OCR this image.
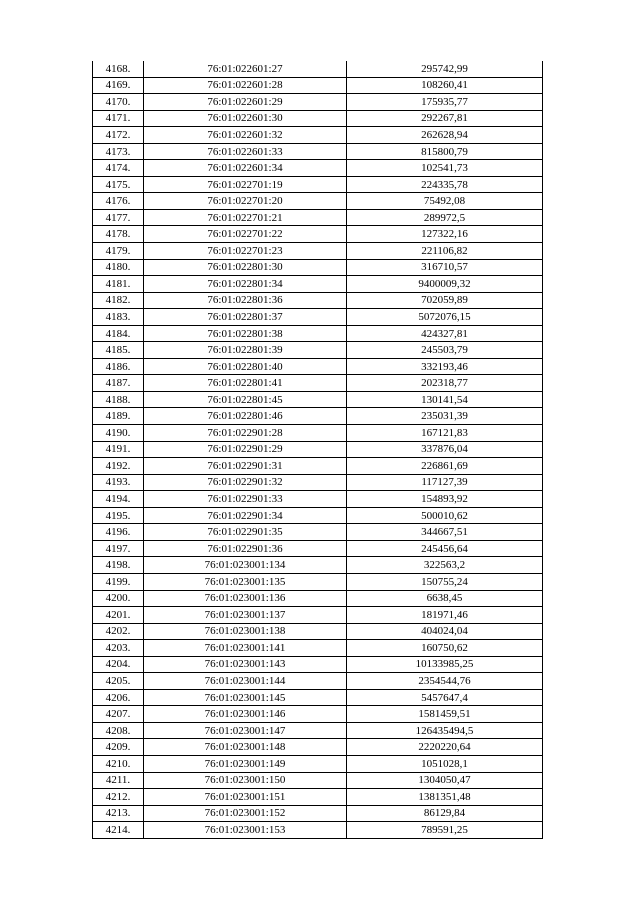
4168.	76:01:022601:27	295742,99
4169.	76:01:022601:28	108260,41
4170.	76:01:022601:29	175935,77
4171.	76:01:022601:30	292267,81
4172.	76:01:022601:32	262628,94
4173.	76:01:022601:33	815800,79
4174.	76:01:022601:34	102541,73
4175.	76:01:022701:19	224335,78
4176.	76:01:022701:20	75492,08
4177.	76:01:022701:21	289972,5
4178.	76:01:022701:22	127322,16
4179.	76:01:022701:23	221106,82
4180.	76:01:022801:30	316710,57
4181.	76:01:022801:34	9400009,32
4182.	76:01:022801:36	702059,89
4183.	76:01:022801:37	5072076,15
4184.	76:01:022801:38	424327,81
4185.	76:01:022801:39	245503,79
4186.	76:01:022801:40	332193,46
4187.	76:01:022801:41	202318,77
4188.	76:01:022801:45	130141,54
4189.	76:01:022801:46	235031,39
4190.	76:01:022901:28	167121,83
4191.	76:01:022901:29	337876,04
4192.	76:01:022901:31	226861,69
4193.	76:01:022901:32	117127,39
4194.	76:01:022901:33	154893,92
4195.	76:01:022901:34	500010,62
4196.	76:01:022901:35	344667,51
4197.	76:01:022901:36	245456,64
4198.	76:01:023001:134	322563,2
4199.	76:01:023001:135	150755,24
4200.	76:01:023001:136	6638,45
4201.	76:01:023001:137	181971,46
4202.	76:01:023001:138	404024,04
4203.	76:01:023001:141	160750,62
4204.	76:01:023001:143	10133985,25
4205.	76:01:023001:144	2354544,76
4206.	76:01:023001:145	5457647,4
4207.	76:01:023001:146	1581459,51
4208.	76:01:023001:147	126435494,5
4209.	76:01:023001:148	2220220,64
4210.	76:01:023001:149	1051028,1
4211.	76:01:023001:150	1304050,47
4212.	76:01:023001:151	1381351,48
4213.	76:01:023001:152	86129,84
4214.	76:01:023001:153	789591,25
